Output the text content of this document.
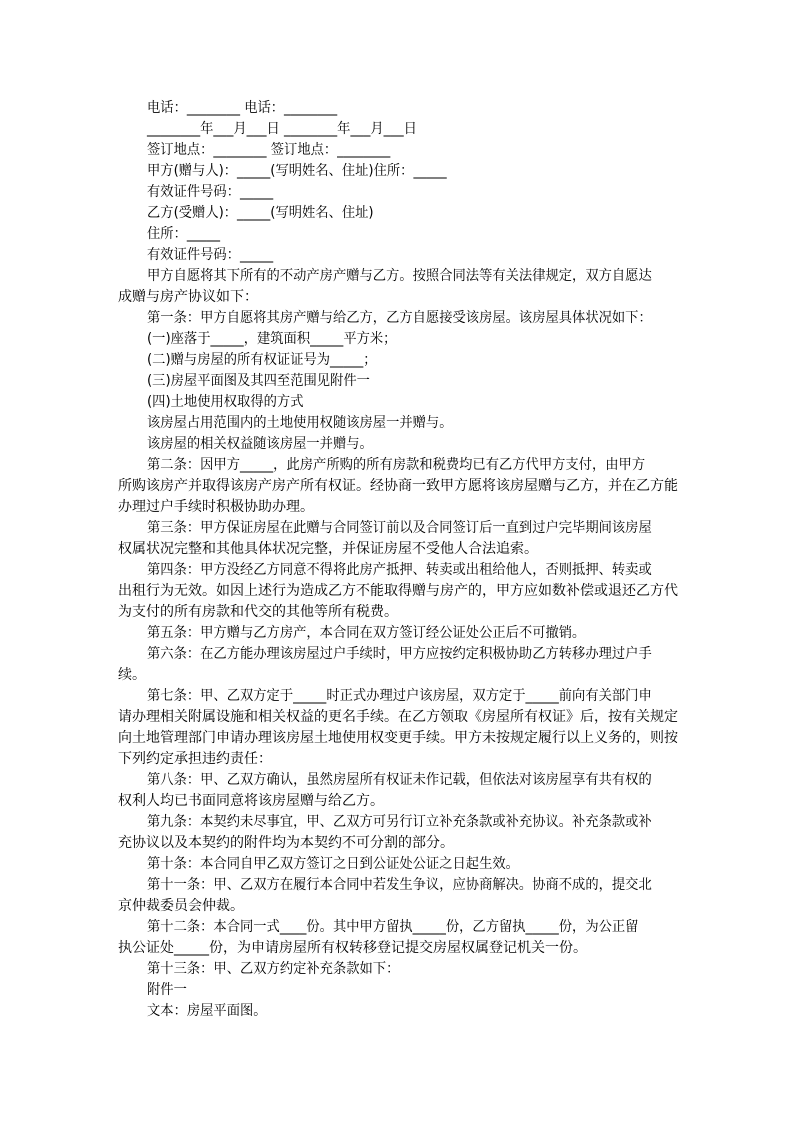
电话：________ 电话：________
________年___月___日 ________年___月___日
签订地点：________ 签订地点：________
甲方(赠与人)：_____(写明姓名、住址)住所：_____
有效证件号码：_____
乙方(受赠人)：_____(写明姓名、住址)
住所：_____
有效证件号码：_____
甲方自愿将其下所有的不动产房产赠与乙方。按照合同法等有关法律规定，双方自愿达
成赠与房产协议如下：
第一条：甲方自愿将其房产赠与给乙方，乙方自愿接受该房屋。该房屋具体状况如下：
(一)座落于_____，建筑面积_____平方米；
(二)赠与房屋的所有权证证号为_____；
(三)房屋平面图及其四至范围见附件一
(四)土地使用权取得的方式
该房屋占用范围内的土地使用权随该房屋一并赠与。
该房屋的相关权益随该房屋一并赠与。
第二条：因甲方_____，此房产所购的所有房款和税费均已有乙方代甲方支付，由甲方
所购该房产并取得该房产房产所有权证。经协商一致甲方愿将该房屋赠与乙方，并在乙方能
办理过户手续时积极协助办理。
第三条：甲方保证房屋在此赠与合同签订前以及合同签订后一直到过户完毕期间该房屋
权属状况完整和其他具体状况完整，并保证房屋不受他人合法追索。
第四条：甲方没经乙方同意不得将此房产抵押、转卖或出租给他人，否则抵押、转卖或
出租行为无效。如因上述行为造成乙方不能取得赠与房产的，甲方应如数补偿或退还乙方代
为支付的所有房款和代交的其他等所有税费。
第五条：甲方赠与乙方房产，本合同在双方签订经公证处公正后不可撤销。
第六条：在乙方能办理该房屋过户手续时，甲方应按约定积极协助乙方转移办理过户手
续。
第七条：甲、乙双方定于_____时正式办理过户该房屋，双方定于_____前向有关部门申
请办理相关附属设施和相关权益的更名手续。在乙方领取《房屋所有权证》后，按有关规定
向土地管理部门申请办理该房屋土地使用权变更手续。甲方未按规定履行以上义务的，则按
下列约定承担违约责任：
第八条：甲、乙双方确认，虽然房屋所有权证未作记载，但依法对该房屋享有共有权的
权利人均已书面同意将该房屋赠与给乙方。
第九条：本契约未尽事宜，甲、乙双方可另行订立补充条款或补充协议。补充条款或补
充协议以及本契约的附件均为本契约不可分割的部分。
第十条：本合同自甲乙双方签订之日到公证处公证之日起生效。
第十一条：甲、乙双方在履行本合同中若发生争议，应协商解决。协商不成的，提交北
京仲裁委员会仲裁。
第十二条：本合同一式____份。其中甲方留执_____份，乙方留执_____份，为公正留
执公证处_____份，为申请房屋所有权转移登记提交房屋权属登记机关一份。
第十三条：甲、乙双方约定补充条款如下：
附件一
文本：房屋平面图。
